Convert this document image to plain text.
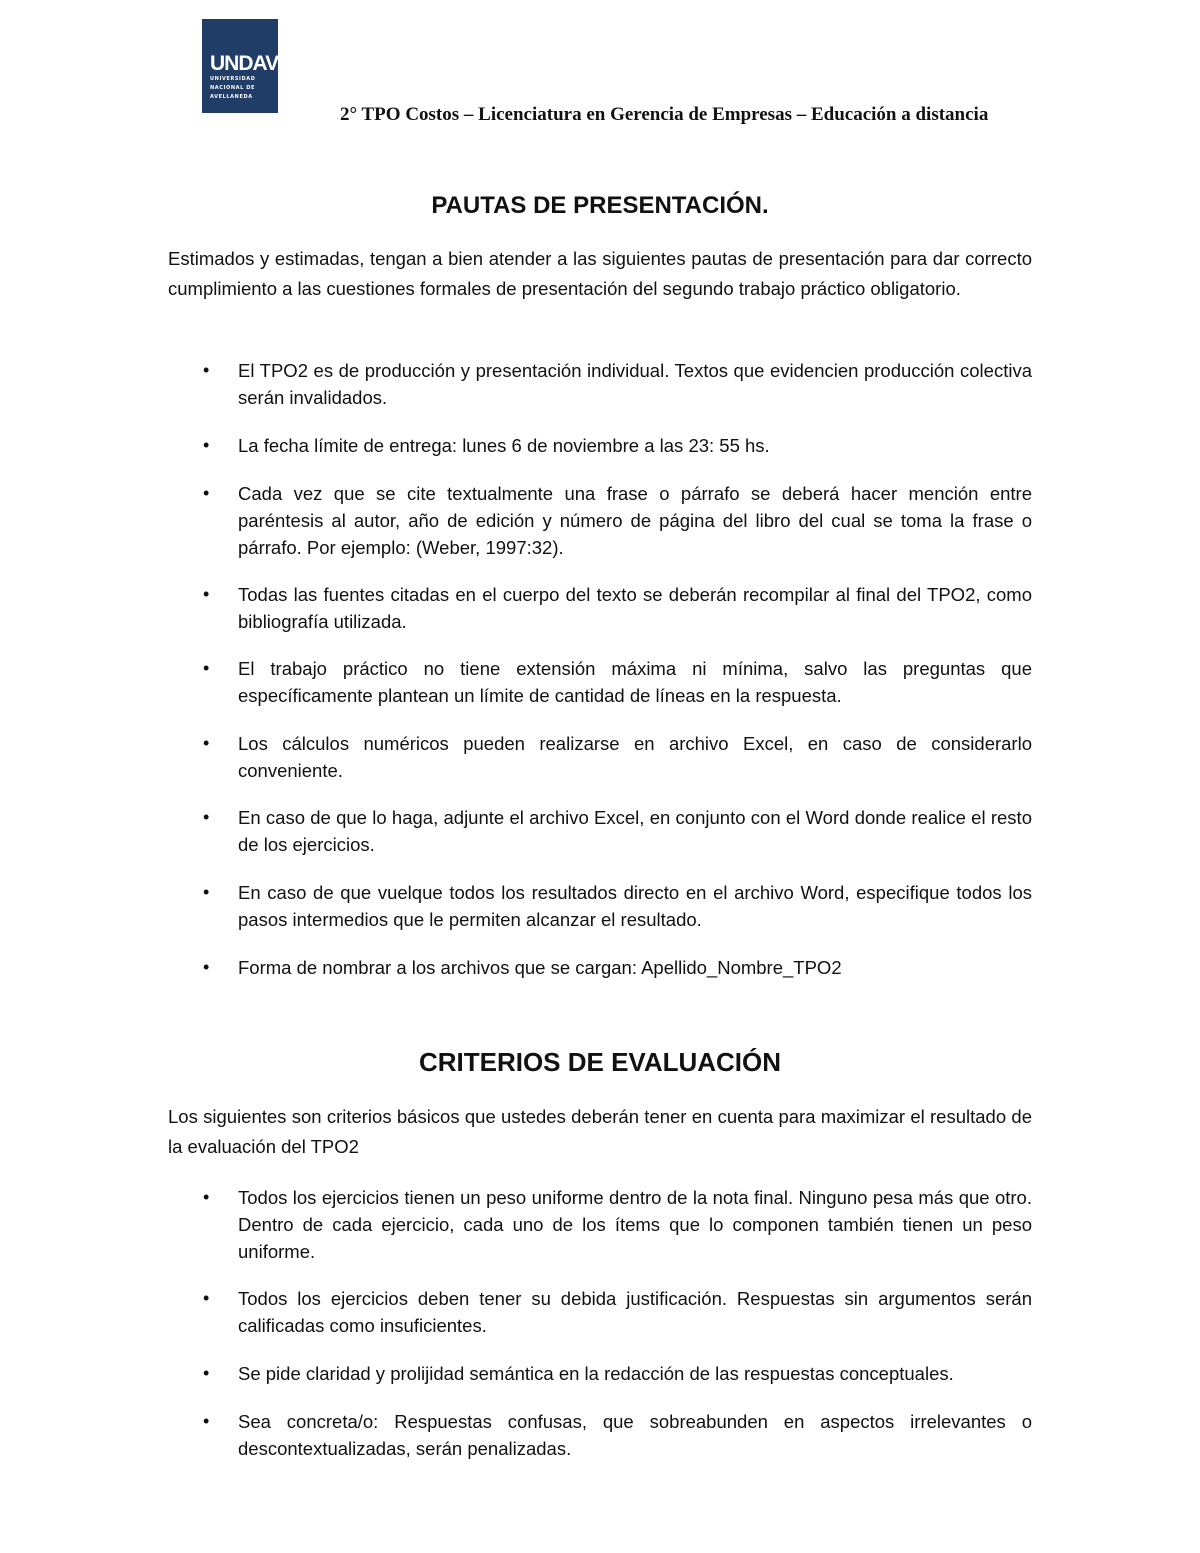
UNDAV
UNIVERSIDAD
NACIONAL DE
AVELLANEDA
2° TPO Costos – Licenciatura en Gerencia de Empresas – Educación a distancia
PAUTAS DE PRESENTACIÓN.
Estimados y estimadas, tengan a bien atender a las siguientes pautas de presentación para dar correcto cumplimiento a las cuestiones formales de presentación del segundo trabajo práctico obligatorio.
• El TPO2 es de producción y presentación individual. Textos que evidencien producción colectiva serán invalidados.
• La fecha límite de entrega: lunes 6 de noviembre a las 23: 55 hs.
• Cada vez que se cite textualmente una frase o párrafo se deberá hacer mención entre paréntesis al autor, año de edición y número de página del libro del cual se toma la frase o párrafo. Por ejemplo: (Weber, 1997:32).
• Todas las fuentes citadas en el cuerpo del texto se deberán recompilar al final del TPO2, como bibliografía utilizada.
• El trabajo práctico no tiene extensión máxima ni mínima, salvo las preguntas que específicamente plantean un límite de cantidad de líneas en la respuesta.
• Los cálculos numéricos pueden realizarse en archivo Excel, en caso de considerarlo conveniente.
• En caso de que lo haga, adjunte el archivo Excel, en conjunto con el Word donde realice el resto de los ejercicios.
• En caso de que vuelque todos los resultados directo en el archivo Word, especifique todos los pasos intermedios que le permiten alcanzar el resultado.
• Forma de nombrar a los archivos que se cargan: Apellido_Nombre_TPO2
CRITERIOS DE EVALUACIÓN
Los siguientes son criterios básicos que ustedes deberán tener en cuenta para maximizar el resultado de la evaluación del TPO2
• Todos los ejercicios tienen un peso uniforme dentro de la nota final. Ninguno pesa más que otro. Dentro de cada ejercicio, cada uno de los ítems que lo componen también tienen un peso uniforme.
• Todos los ejercicios deben tener su debida justificación. Respuestas sin argumentos serán calificadas como insuficientes.
• Se pide claridad y prolijidad semántica en la redacción de las respuestas conceptuales.
• Sea concreta/o: Respuestas confusas, que sobreabunden en aspectos irrelevantes o descontextualizadas, serán penalizadas.
